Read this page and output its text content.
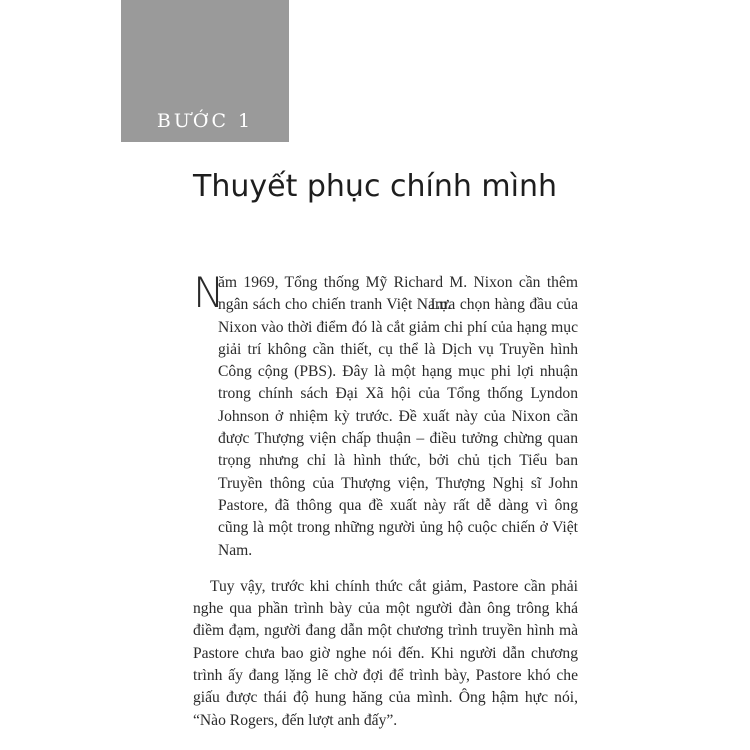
BƯỚC 1
Thuyết phục chính mình

N
ăm 1969, Tổng thống Mỹ Richard M. Nixon cần thêm ngân sách cho chiến tranh Việt Nam. Lựa chọn hàng đầu của Nixon vào thời điểm đó là cắt giảm chi phí của hạng mục giải trí không cần thiết, cụ thể là Dịch vụ Truyền hình Công cộng (PBS). Đây là một hạng mục phi lợi nhuận trong chính sách Đại Xã hội của Tổng thống Lyndon Johnson ở nhiệm kỳ trước. Đề xuất này của Nixon cần được Thượng viện chấp thuận – điều tưởng chừng quan trọng nhưng chỉ là hình thức, bởi chủ tịch Tiểu ban Truyền thông của Thượng viện, Thượng Nghị sĩ John Pastore, đã thông qua đề xuất này rất dễ dàng vì ông cũng là một trong những người ủng hộ cuộc chiến ở Việt Nam.

Tuy vậy, trước khi chính thức cắt giảm, Pastore cần phải nghe qua phần trình bày của một người đàn ông trông khá điềm đạm, người đang dẫn một chương trình truyền hình mà Pastore chưa bao giờ nghe nói đến. Khi người dẫn chương trình ấy đang lặng lẽ chờ đợi để trình bày, Pastore khó che giấu được thái độ hung hăng của mình. Ông hậm hực nói, “Nào Rogers, đến lượt anh đấy”.
